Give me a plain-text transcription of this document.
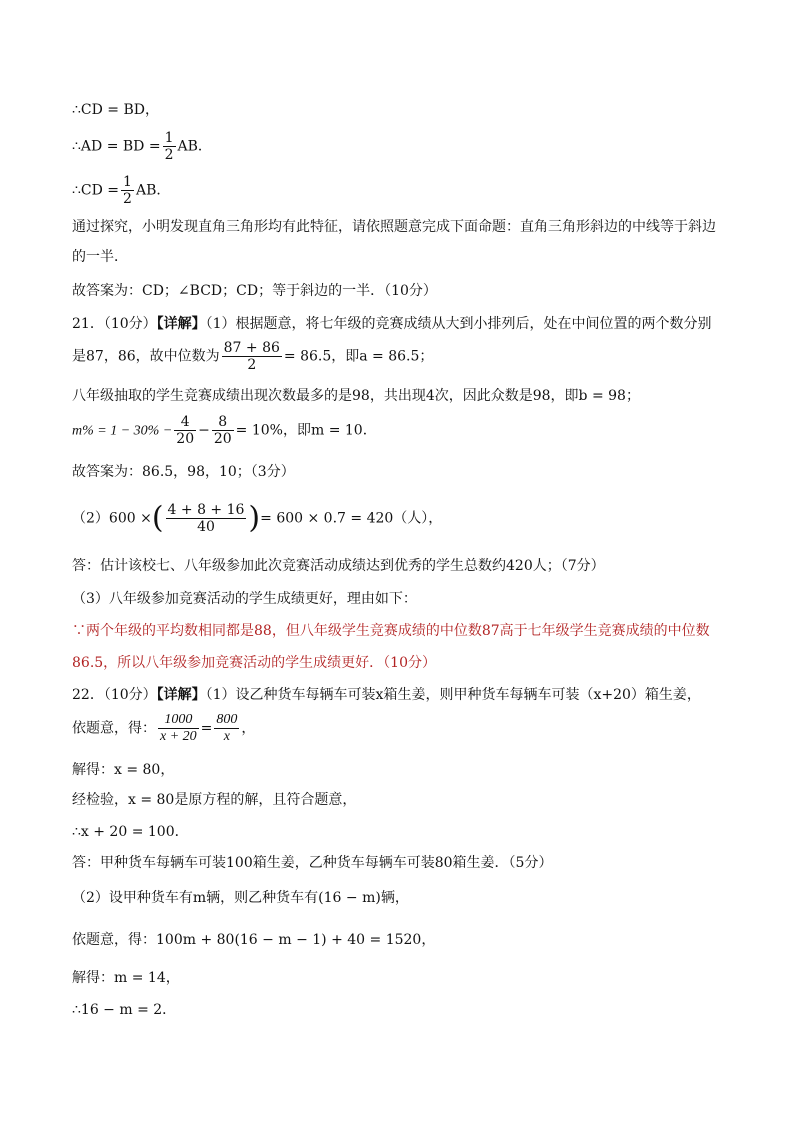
∴CD = BD，
∴AD = BD = $\frac{1}{2}$ AB．
∴CD = $\frac{1}{2}$ AB．
通过探究，小明发现直角三角形均有此特征，请依照题意完成下面命题：直角三角形斜边的中线等于斜边
的一半．
故答案为：CD；∠BCD；CD；等于斜边的一半．（10分）
21．（10分）【详解】（1）根据题意，将七年级的竞赛成绩从大到小排列后，处在中间位置的两个数分别
是87，86，故中位数为 $\frac{87 + 86}{2} = 86.5$，即a = 86.5；
八年级抽取的学生竞赛成绩出现次数最多的是98，共出现4次，因此众数是98，即b = 98；
$m\% = 1 - 30\% - \frac{4}{20} - \frac{8}{20} = 10\%$，即m = 10．
故答案为：86.5，98，10；（3分）
（2）600 ×( $\frac{4 + 8 + 16}{40}$ )= 600 × 0.7 = 420（人），
答：估计该校七、八年级参加此次竞赛活动成绩达到优秀的学生总数约420人；（7分）
（3）八年级参加竞赛活动的学生成绩更好，理由如下：
∵两个年级的平均数相同都是88，但八年级学生竞赛成绩的中位数87高于七年级学生竞赛成绩的中位数
86.5，所以八年级参加竞赛活动的学生成绩更好．（10分）
22．（10分）【详解】（1）设乙种货车每辆车可装x箱生姜，则甲种货车每辆车可装（x+20）箱生姜，
依题意，得： $\frac{1000}{x + 20} = \frac{800}{x}$ ，
解得：x = 80，
经检验，x = 80是原方程的解，且符合题意，
∴x + 20 = 100．
答：甲种货车每辆车可装100箱生姜，乙种货车每辆车可装80箱生姜．（5分）
（2）设甲种货车有m辆，则乙种货车有(16 − m)辆，
依题意，得：100m + 80(16 − m − 1) + 40 = 1520，
解得：m = 14，
∴16 − m = 2．
